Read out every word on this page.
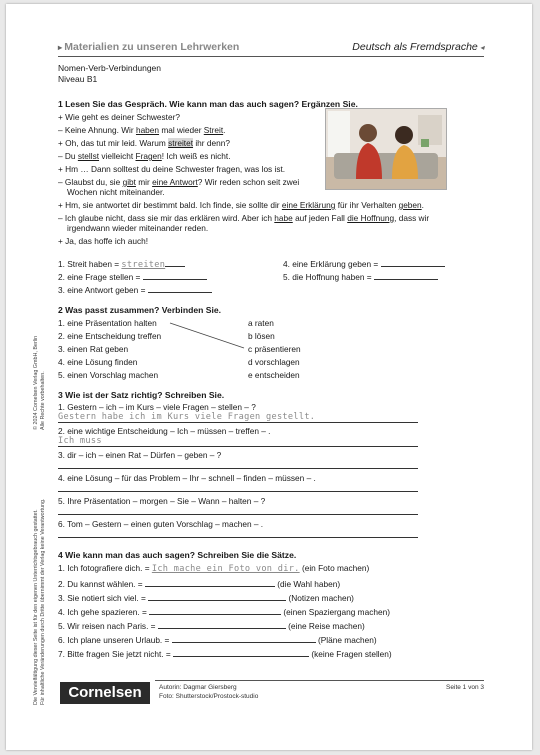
▸ Materialien zu unseren Lehrwerken	Deutsch als Fremdsprache ◂
Nomen-Verb-Verbindungen
Niveau B1
1 Lesen Sie das Gespräch. Wie kann man das auch sagen? Ergänzen Sie.
+ Wie geht es deiner Schwester?
– Keine Ahnung. Wir haben mal wieder Streit.
+ Oh, das tut mir leid. Warum streitet ihr denn?
– Du stellst vielleicht Fragen! Ich weiß es nicht.
+ Hm … Dann solltest du deine Schwester fragen, was los ist.
– Glaubst du, sie gibt mir eine Antwort? Wir reden schon seit zwei
Wochen nicht miteinander.
+ Hm, sie antwortet dir bestimmt bald. Ich finde, sie sollte dir eine Erklärung für ihr Verhalten geben.
– Ich glaube nicht, dass sie mir das erklären wird. Aber ich habe auf jeden Fall die Hoffnung, dass wir
irgendwann wieder miteinander reden.
+ Ja, das hoffe ich auch!
1. Streit haben = streiten
2. eine Frage stellen =
3. eine Antwort geben =
4. eine Erklärung geben =
5. die Hoffnung haben =
2 Was passt zusammen? Verbinden Sie.
1. eine Präsentation halten
2. eine Entscheidung treffen
3. einen Rat geben
4. eine Lösung finden
5. einen Vorschlag machen
a raten
b lösen
c präsentieren
d vorschlagen
e entscheiden
3 Wie ist der Satz richtig? Schreiben Sie.
1. Gestern – ich – im Kurs – viele Fragen – stellen – ?
Gestern habe ich im Kurs viele Fragen gestellt.
2. eine wichtige Entscheidung – Ich – müssen – treffen – .
Ich muss
3. dir – ich – einen Rat – Dürfen – geben – ?
4. eine Lösung – für das Problem – Ihr – schnell – finden – müssen – .
5. Ihre Präsentation – morgen – Sie – Wann – halten – ?
6. Tom – Gestern – einen guten Vorschlag – machen – .
4 Wie kann man das auch sagen? Schreiben Sie die Sätze.
1. Ich fotografiere dich. = Ich mache ein Foto von dir. (ein Foto machen)
2. Du kannst wählen. =	(die Wahl haben)
3. Sie notiert sich viel. =	(Notizen machen)
4. Ich gehe spazieren. =	(einen Spaziergang machen)
5. Wir reisen nach Paris. =	(eine Reise machen)
6. Ich plane unseren Urlaub. =	(Pläne machen)
7. Bitte fragen Sie jetzt nicht. =	(keine Fragen stellen)
© 2024 Cornelsen Verlag GmbH, Berlin Alle Rechte vorbehalten.
Die Vervielfältigung dieser Seite ist für den eigenen Unterrichtsgebrauch gestattet. Für inhaltliche Veränderungen durch Dritte übernimmt der Verlag keine Verantwortung.	Cornelsen	Autorin: Dagmar Giersberg
Foto: Shutterstock/Prostock-studio
Seite 1 von 3
